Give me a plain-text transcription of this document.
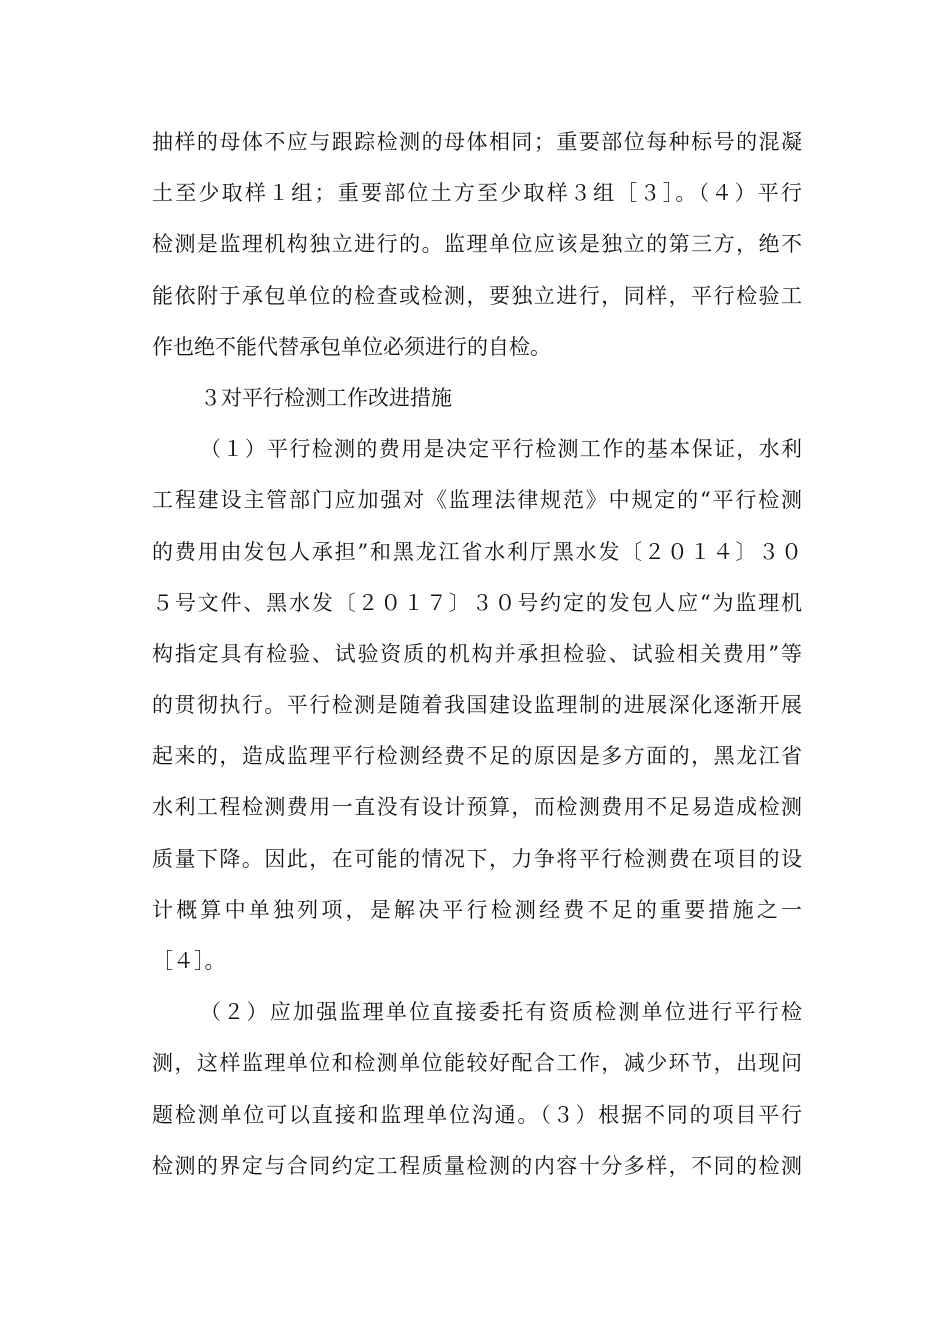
抽样的母体不应与跟踪检测的母体相同；重要部位每种标号的混凝
土至少取样１组；重要部位土方至少取样３组［３］。（４）平行
检测是监理机构独立进行的。监理单位应该是独立的第三方，绝不
能依附于承包单位的检查或检测，要独立进行，同样，平行检验工
作也绝不能代替承包单位必须进行的自检。
３对平行检测工作改进措施
（１）平行检测的费用是决定平行检测工作的基本保证，水利
工程建设主管部门应加强对《监理法律规范》中规定的“平行检测
的费用由发包人承担”和黑龙江省水利厅黑水发〔２０１４〕３０
５号文件、黑水发〔２０１７〕３０号约定的发包人应“为监理机
构指定具有检验、试验资质的机构并承担检验、试验相关费用”等
的贯彻执行。平行检测是随着我国建设监理制的进展深化逐渐开展
起来的，造成监理平行检测经费不足的原因是多方面的，黑龙江省
水利工程检测费用一直没有设计预算，而检测费用不足易造成检测
质量下降。因此，在可能的情况下，力争将平行检测费在项目的设
计概算中单独列项，是解决平行检测经费不足的重要措施之一
［４］。
（２）应加强监理单位直接委托有资质检测单位进行平行检
测，这样监理单位和检测单位能较好配合工作，减少环节，出现问
题检测单位可以直接和监理单位沟通。（３）根据不同的项目平行
检测的界定与合同约定工程质量检测的内容十分多样，不同的检测
